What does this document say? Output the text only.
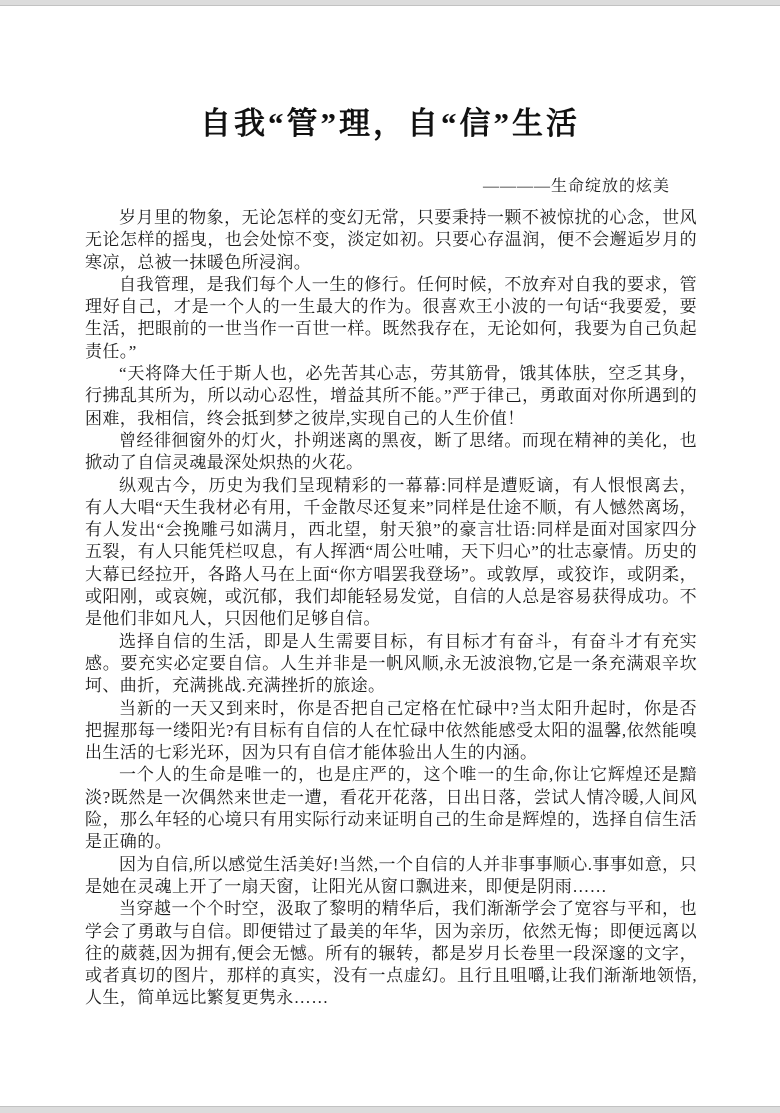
自我“管”理，自“信”生活
————生命绽放的炫美

岁月里的物象，无论怎样的变幻无常，只要秉持一颗不被惊扰的心念，世风无论怎样的摇曳，也会处惊不变，淡定如初。只要心存温润，便不会邂逅岁月的寒凉，总被一抹暖色所浸润。

自我管理，是我们每个人一生的修行。任何时候，不放弃对自我的要求，管理好自己，才是一个人的一生最大的作为。很喜欢王小波的一句话“我要爱，要生活，把眼前的一世当作一百世一样。既然我存在，无论如何，我要为自己负起责任。”

“天将降大任于斯人也，必先苦其心志，劳其筋骨，饿其体肤，空乏其身，行拂乱其所为，所以动心忍性，增益其所不能。”严于律己，勇敢面对你所遇到的困难，我相信，终会抵到梦之彼岸,实现自己的人生价值！

曾经徘徊窗外的灯火，扑朔迷离的黑夜，断了思绪。而现在精神的美化，也掀动了自信灵魂最深处炽热的火花。

纵观古今，历史为我们呈现精彩的一幕幕:同样是遭贬谪，有人恨恨离去，有人大唱“天生我材必有用，千金散尽还复来”同样是仕途不顺，有人憾然离场，有人发出“会挽雕弓如满月，西北望，射天狼”的豪言壮语:同样是面对国家四分五裂，有人只能凭栏叹息，有人挥洒“周公吐哺，天下归心”的壮志豪情。历史的大幕已经拉开，各路人马在上面“你方唱罢我登场”。或敦厚，或狡诈，或阴柔，或阳刚，或哀婉，或沉郁，我们却能轻易发觉，自信的人总是容易获得成功。不是他们非如凡人，只因他们足够自信。

选择自信的生活，即是人生需要目标，有目标才有奋斗，有奋斗才有充实感。要充实必定要自信。人生并非是一帆风顺,永无波浪物,它是一条充满艰辛坎坷、曲折，充满挑战.充满挫折的旅途。

当新的一天又到来时，你是否把自己定格在忙碌中?当太阳升起时，你是否把握那每一缕阳光?有目标有自信的人在忙碌中依然能感受太阳的温馨,依然能嗅出生活的七彩光环，因为只有自信才能体验出人生的内涵。

一个人的生命是唯一的，也是庄严的，这个唯一的生命,你让它辉煌还是黯淡?既然是一次偶然来世走一遭，看花开花落，日出日落，尝试人情冷暖,人间风险，那么年轻的心境只有用实际行动来证明自己的生命是辉煌的，选择自信生活是正确的。

因为自信,所以感觉生活美好!当然,一个自信的人并非事事顺心.事事如意，只是她在灵魂上开了一扇天窗，让阳光从窗口飘进来，即便是阴雨……

当穿越一个个时空，汲取了黎明的精华后，我们渐渐学会了宽容与平和，也学会了勇敢与自信。即便错过了最美的年华，因为亲历，依然无悔；即便远离以往的葳蕤,因为拥有,便会无憾。所有的辗转，都是岁月长卷里一段深邃的文字，或者真切的图片，那样的真实，没有一点虚幻。且行且咀嚼,让我们渐渐地领悟,人生，简单远比繁复更隽永……
